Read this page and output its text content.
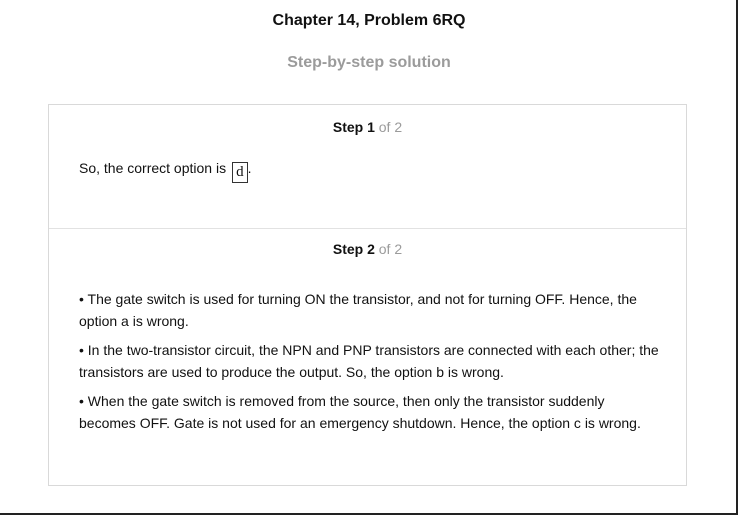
Chapter 14, Problem 6RQ
Step-by-step solution
Step 1 of 2
So, the correct option is d .
Step 2 of 2

• The gate switch is used for turning ON the transistor, and not for turning OFF. Hence, the option a is wrong.

• In the two-transistor circuit, the NPN and PNP transistors are connected with each other; the transistors are used to produce the output. So, the option b is wrong.

• When the gate switch is removed from the source, then only the transistor suddenly becomes OFF. Gate is not used for an emergency shutdown. Hence, the option c is wrong.
